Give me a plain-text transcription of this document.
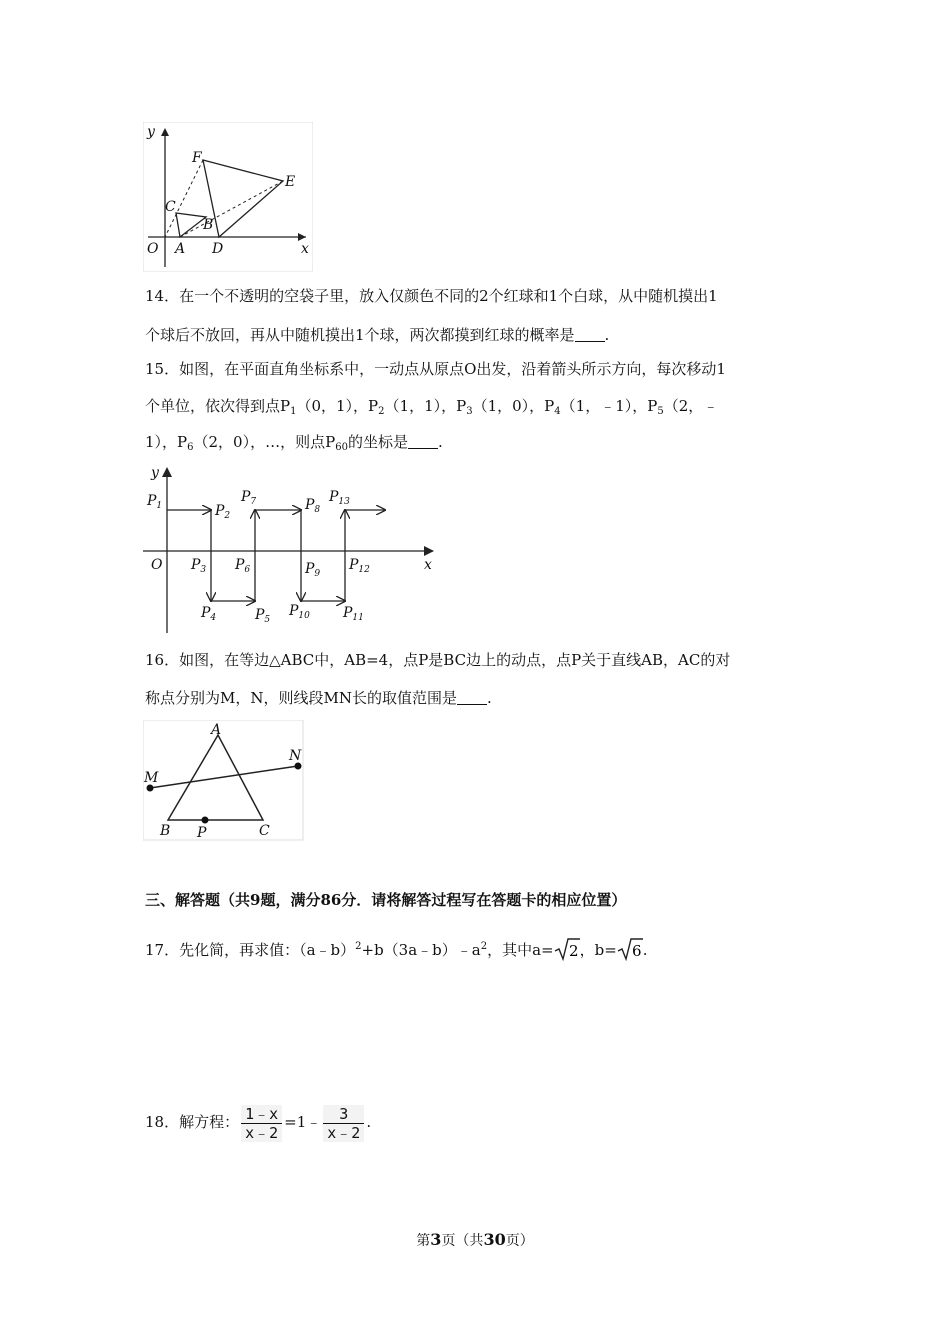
y
x
O A
B
C
D
E
F
14．在一个不透明的空袋子里，放入仅颜色不同的2个红球和1个白球，从中随机摸出1
个球后不放回，再从中随机摸出1个球，两次都摸到红球的概率是 .
15．如图，在平面直角坐标系中，一动点从原点O出发，沿着箭头所示方向，每次移动1
个单位，依次得到点$P_1(0$，1），$P_2(1$，1），$P_3(1$，0），$P_4(1$，﹣1），$P_5(2$，﹣
1），$P_6(2$，0），…，则点$P_{60}$的坐标是 .
y
x
O
$P_1$	$P_2$
$P_3$
$P_4$	$P_5$
$P_6$
$P_7$	$P_8$
$P_9$
$P_{10}$ $P_{11}$
$P_{12}$
$P_{13}$
16．如图，在等边△ABC中，AB=4，点P是BC边上的动点，点P关于直线AB，AC的对
称点分别为M，N，则线段MN长的取值范围是 .
A
B	C
M
N
P
三、解答题（共9题，满分86分．请将解答过程写在答题卡的相应位置）
17．先化简，再求值：$(a﹣b)^2+b(3a﹣b)﹣a^2$，其中a= 2 ，b= 6 .
18．解方程： $\frac{1﹣x}{x﹣2}$ =1﹣ $\frac{3}{x﹣2}$ .
第3页（共30页）
